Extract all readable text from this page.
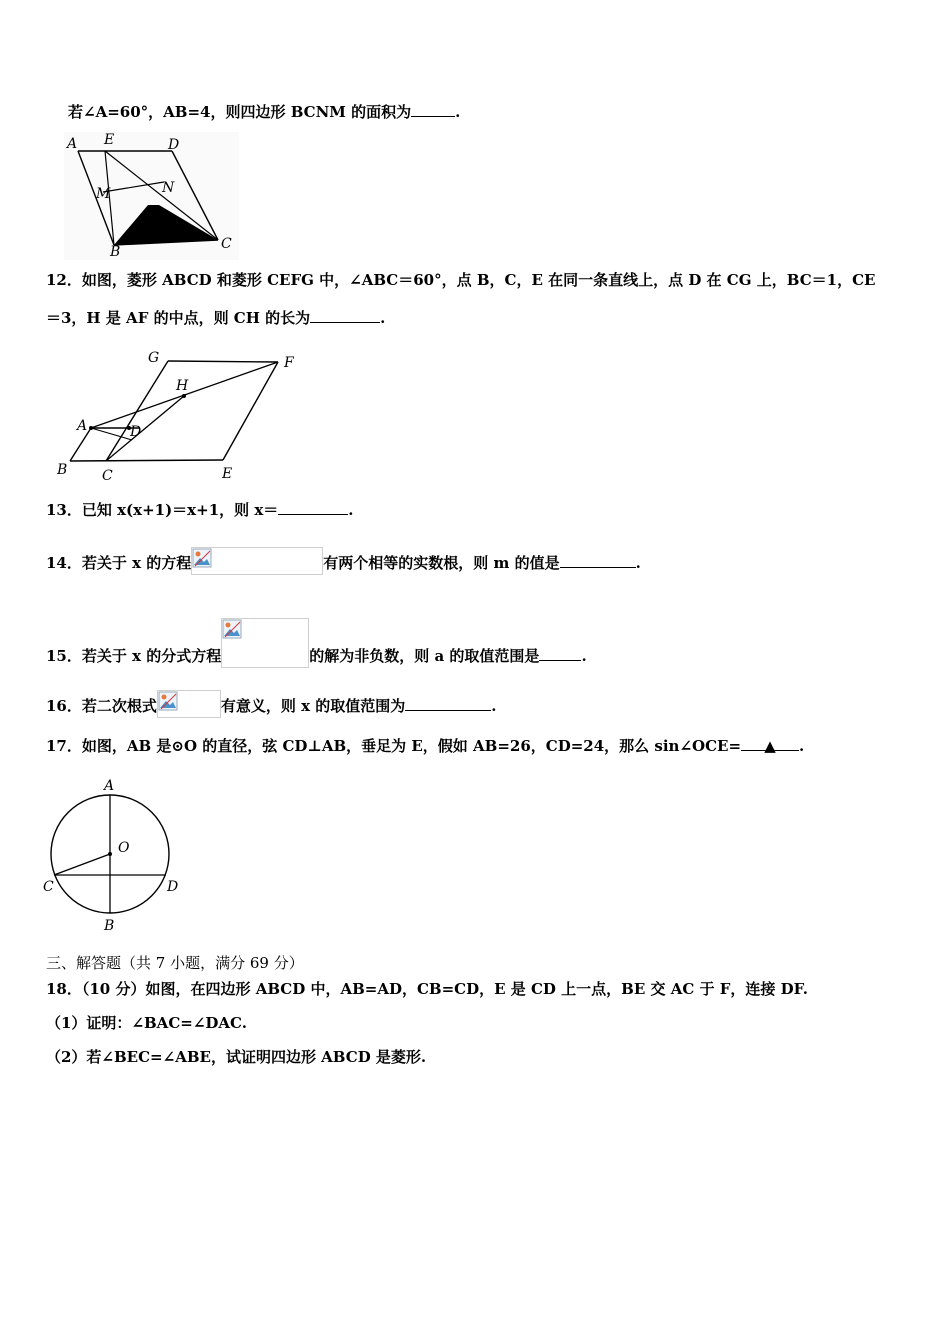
若∠A=60°，AB=4，则四边形 BCNM 的面积为	.
A E	D
M	N
B	C
12．如图，菱形 ABCD 和菱形 CEFG 中，∠ABC＝60°，点 B，C，E 在同一条直线上，点 D 在 CG 上，BC＝1，CE
＝3，H 是 AF 的中点，则 CH 的长为	.
G	F
H
A	D
B C	E
13．已知 x(x+1)＝x+1，则 x＝	.
14．若关于 x 的方程	有两个相等的实数根，则 m 的值是	.
15．若关于 x 的分式方程	的解为非负数，则 a 的取值范围是	.
16．若二次根式	有意义，则 x 的取值范围为	.
17．如图，AB 是⊙O 的直径，弦 CD⊥AB，垂足为 E，假如 AB=26，CD=24，那么 sin∠OCE= ▲ .
A
O
C	D
B
三、解答题（共 7 小题，满分 69 分）
18．（10 分）如图，在四边形 ABCD 中，AB=AD，CB=CD，E 是 CD 上一点，BE 交 AC 于 F，连接 DF.
（1）证明：∠BAC=∠DAC.
（2）若∠BEC=∠ABE，试证明四边形 ABCD 是菱形.
